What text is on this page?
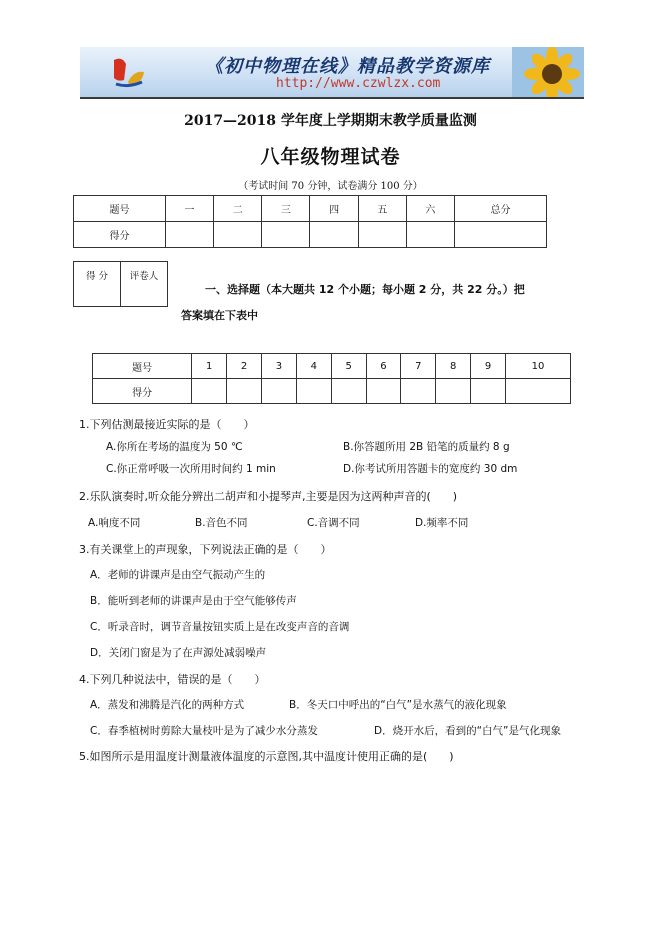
《初中物理在线》精品教学资源库
http://www.czwlzx.com
2017—2018 学年度上学期期末教学质量监测
八年级物理试卷
（考试时间 70 分钟，试卷满分 100 分）
题号	一	二	三	四	五	六	总分
得分							
得 分	评卷人
一、选择题（本大题共 12 个小题；每小题 2 分，共 22 分。）把
答案填在下表中
题号	1	2	3	4	5	6	7	8	9	10
得分										
1.下列估测最接近实际的是（　　）
A.你所在考场的温度为 50 ℃	B.你答题所用 2B 铅笔的质量约 8 g
C.你正常呼吸一次所用时间约 1 min	D.你考试所用答题卡的宽度约 30 dm
2.乐队演奏时,听众能分辨出二胡声和小提琴声,主要是因为这两种声音的(　　)
A.响度不同	B.音色不同	C.音调不同	D.频率不同
3.有关课堂上的声现象，下列说法正确的是（　　）
A．老师的讲课声是由空气振动产生的
B．能听到老师的讲课声是由于空气能够传声
C．听录音时，调节音量按钮实质上是在改变声音的音调
D．关闭门窗是为了在声源处减弱噪声
4.下列几种说法中，错误的是（　　）
A．蒸发和沸腾是汽化的两种方式	B．冬天口中呼出的“白气”是水蒸气的液化现象
C．春季植树时剪除大量枝叶是为了减少水分蒸发	D．烧开水后，看到的“白气”是气化现象
5.如图所示是用温度计测量液体温度的示意图,其中温度计使用正确的是(　　)
